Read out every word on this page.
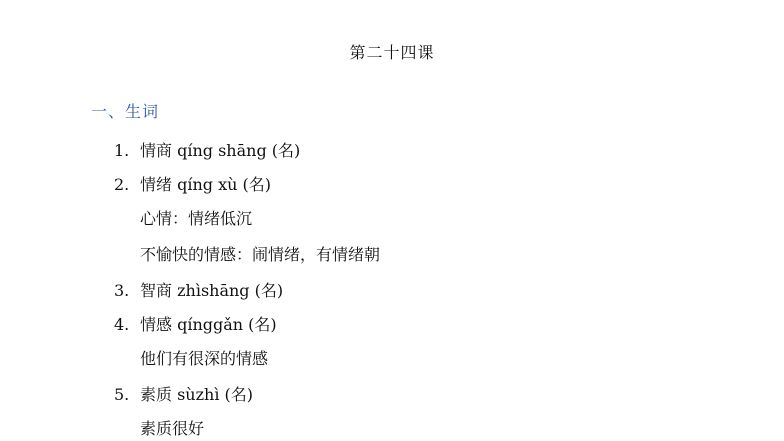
第二十四课
一、生词
1. 情商 qíng shāng (名)
2. 情绪 qíng xù (名)
心情：情绪低沉
不愉快的情感：闹情绪，有情绪朝
3. 智商 zhìshāng (名)
4. 情感 qínggǎn (名)
他们有很深的情感
5. 素质 sùzhì (名)
素质很好
